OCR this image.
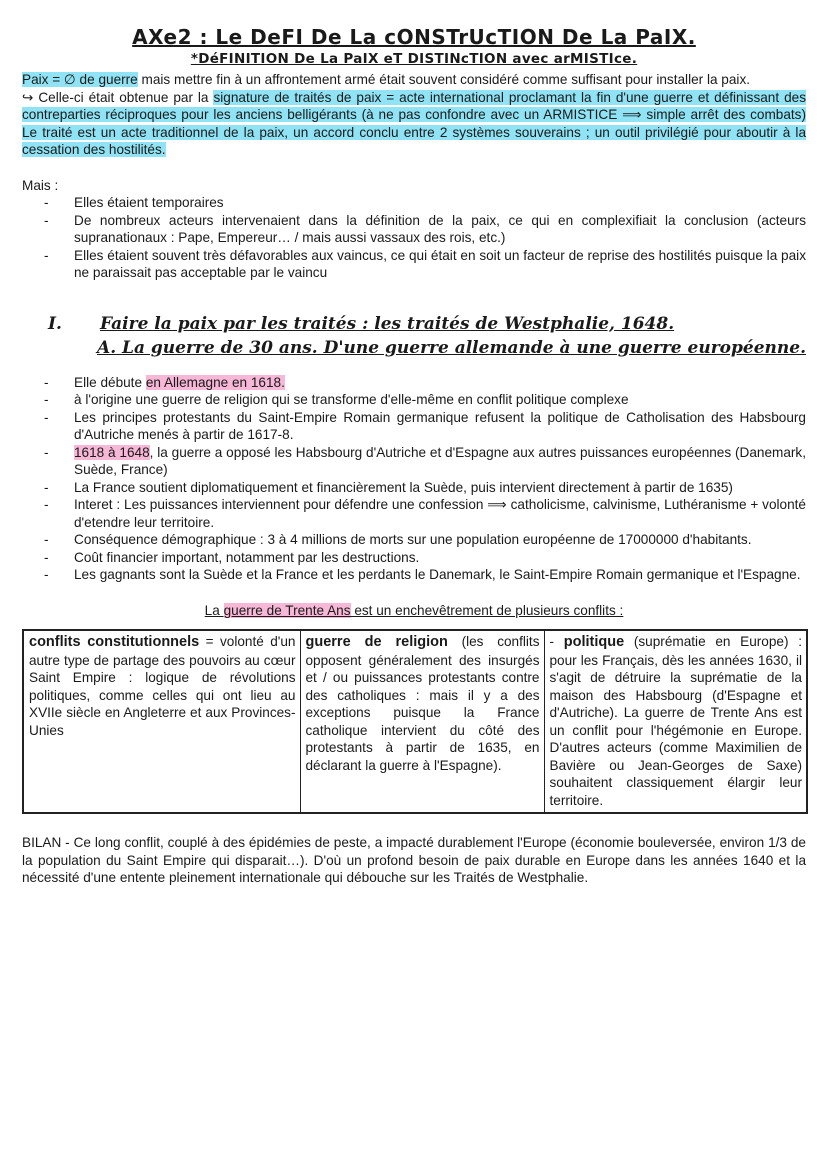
AXe2 : Le DeFI De La cONSTrUcTION De La PaIX.
*DéFINITION De La PaIX eT DISTINcTION avec arMISTIce.
Paix = ∅ de guerre mais mettre fin à un affrontement armé était souvent considéré comme suffisant pour installer la paix.
↪ Celle-ci était obtenue par la signature de traités de paix = acte international proclamant la fin d'une guerre et définissant des contreparties réciproques pour les anciens belligérants (à ne pas confondre avec un ARMISTICE ⟹ simple arrêt des combats) Le traité est un acte traditionnel de la paix, un accord conclu entre 2 systèmes souverains ; un outil privilégié pour aboutir à la cessation des hostilités.

Mais :

- Elles étaient temporaires
- De nombreux acteurs intervenaient dans la définition de la paix, ce qui en complexifiait la conclusion (acteurs supranationaux : Pape, Empereur… / mais aussi vassaux des rois, etc.)
- Elles étaient souvent très défavorables aux vaincus, ce qui était en soit un facteur de reprise des hostilités puisque la paix ne paraissait pas acceptable par le vaincu
I. Faire la paix par les traités : les traités de Westphalie, 1648.
A. La guerre de 30 ans. D'une guerre allemande à une guerre européenne.
- Elle débute en Allemagne en 1618.
- à l'origine une guerre de religion qui se transforme d'elle-même en conflit politique complexe
- Les principes protestants du Saint-Empire Romain germanique refusent la politique de Catholisation des Habsbourg d'Autriche menés à partir de 1617-8.
- 1618 à 1648, la guerre a opposé les Habsbourg d'Autriche et d'Espagne aux autres puissances européennes (Danemark, Suède, France)
- La France soutient diplomatiquement et financièrement la Suède, puis intervient directement à partir de 1635)
- Interet : Les puissances interviennent pour défendre une confession ⟹ catholicisme, calvinisme, Luthéranisme + volonté d'etendre leur territoire.
- Conséquence démographique : 3 à 4 millions de morts sur une population européenne de 17000000 d'habitants.
- Coût financier important, notamment par les destructions.
- Les gagnants sont la Suède et la France et les perdants le Danemark, le Saint-Empire Romain germanique et l'Espagne.

La guerre de Trente Ans est un enchevêtrement de plusieurs conflits :

conflits constitutionnels = volonté d'un autre type de partage des pouvoirs au cœur Saint Empire : logique de révolutions politiques, comme celles qui ont lieu au XVIIe siècle en Angleterre et aux Provinces-Unies	guerre de religion (les conflits opposent généralement des insurgés et / ou puissances protestants contre des catholiques : mais il y a des exceptions puisque la France catholique intervient du côté des protestants à partir de 1635, en déclarant la guerre à l'Espagne).	- politique (suprématie en Europe) : pour les Français, dès les années 1630, il s'agit de détruire la suprématie de la maison des Habsbourg (d'Espagne et d'Autriche). La guerre de Trente Ans est un conflit pour l'hégémonie en Europe. D'autres acteurs (comme Maximilien de Bavière ou Jean-Georges de Saxe) souhaitent classiquement élargir leur territoire.

BILAN - Ce long conflit, couplé à des épidémies de peste, a impacté durablement l'Europe (économie bouleversée, environ 1/3 de la population du Saint Empire qui disparait…). D'où un profond besoin de paix durable en Europe dans les années 1640 et la nécessité d'une entente pleinement internationale qui débouche sur les Traités de Westphalie.
